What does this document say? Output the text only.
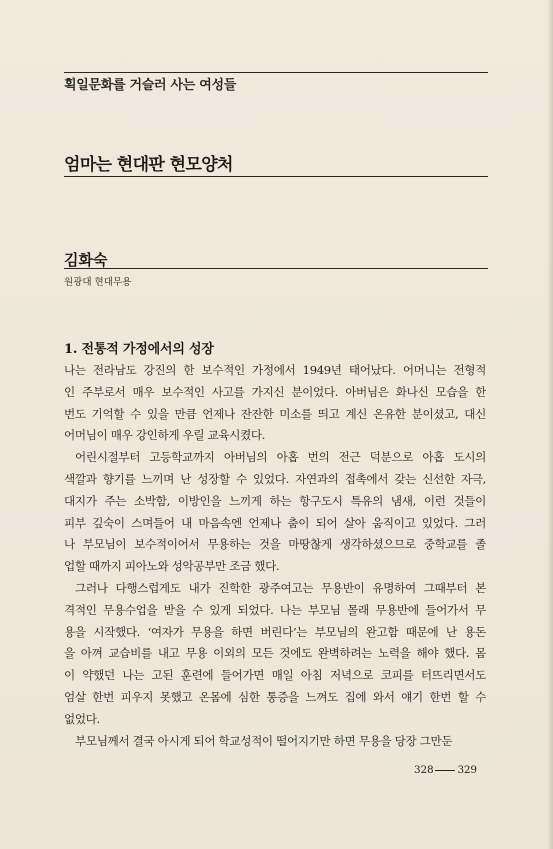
획일문화를 거슬러 사는 여성들
엄마는 현대판 현모양처
김화숙
원광대 현대무용
1. 전통적 가정에서의 성장
나는 전라남도 강진의 한 보수적인 가정에서 1949년 태어났다. 어머니는 전형적
인 주부로서 매우 보수적인 사고를 가지신 분이었다. 아버님은 화나신 모습을 한
번도 기억할 수 있을 만큼 언제나 잔잔한 미소를 띄고 계신 온유한 분이셨고, 대신
어머님이 매우 강인하게 우릴 교육시켰다.
어린시절부터 고등학교까지 아버님의 아홉 번의 전근 덕분으로 아홉 도시의
색깔과 향기를 느끼며 난 성장할 수 있었다. 자연과의 접촉에서 갖는 신선한 자극,
대지가 주는 소박함, 이방인을 느끼게 하는 항구도시 특유의 냄새, 이런 것들이
피부 깊숙이 스며들어 내 마음속엔 언제나 춤이 되어 살아 움직이고 있었다. 그러
나 부모님이 보수적이어서 무용하는 것을 마땅찮게 생각하셨으므로 중학교를 졸
업할 때까지 피아노와 성악공부만 조금 했다.
그러나 다행스럽게도 내가 진학한 광주여고는 무용반이 유명하여 그때부터 본
격적인 무용수업을 받을 수 있게 되었다. 나는 부모님 몰래 무용반에 들어가서 무
용을 시작했다. ‘여자가 무용을 하면 버린다’는 부모님의 완고함 때문에 난 용돈
을 아껴 교습비를 내고 무용 이외의 모든 것에도 완벽하려는 노력을 해야 했다. 몸
이 약했던 나는 고된 훈련에 들어가면 매일 아침 저녁으로 코피를 터뜨리면서도
엄살 한번 피우지 못했고 온몸에 심한 통증을 느껴도 집에 와서 얘기 한번 할 수
없었다.
부모님께서 결국 아시게 되어 학교성적이 떨어지기만 하면 무용을 당장 그만둔
328 329
